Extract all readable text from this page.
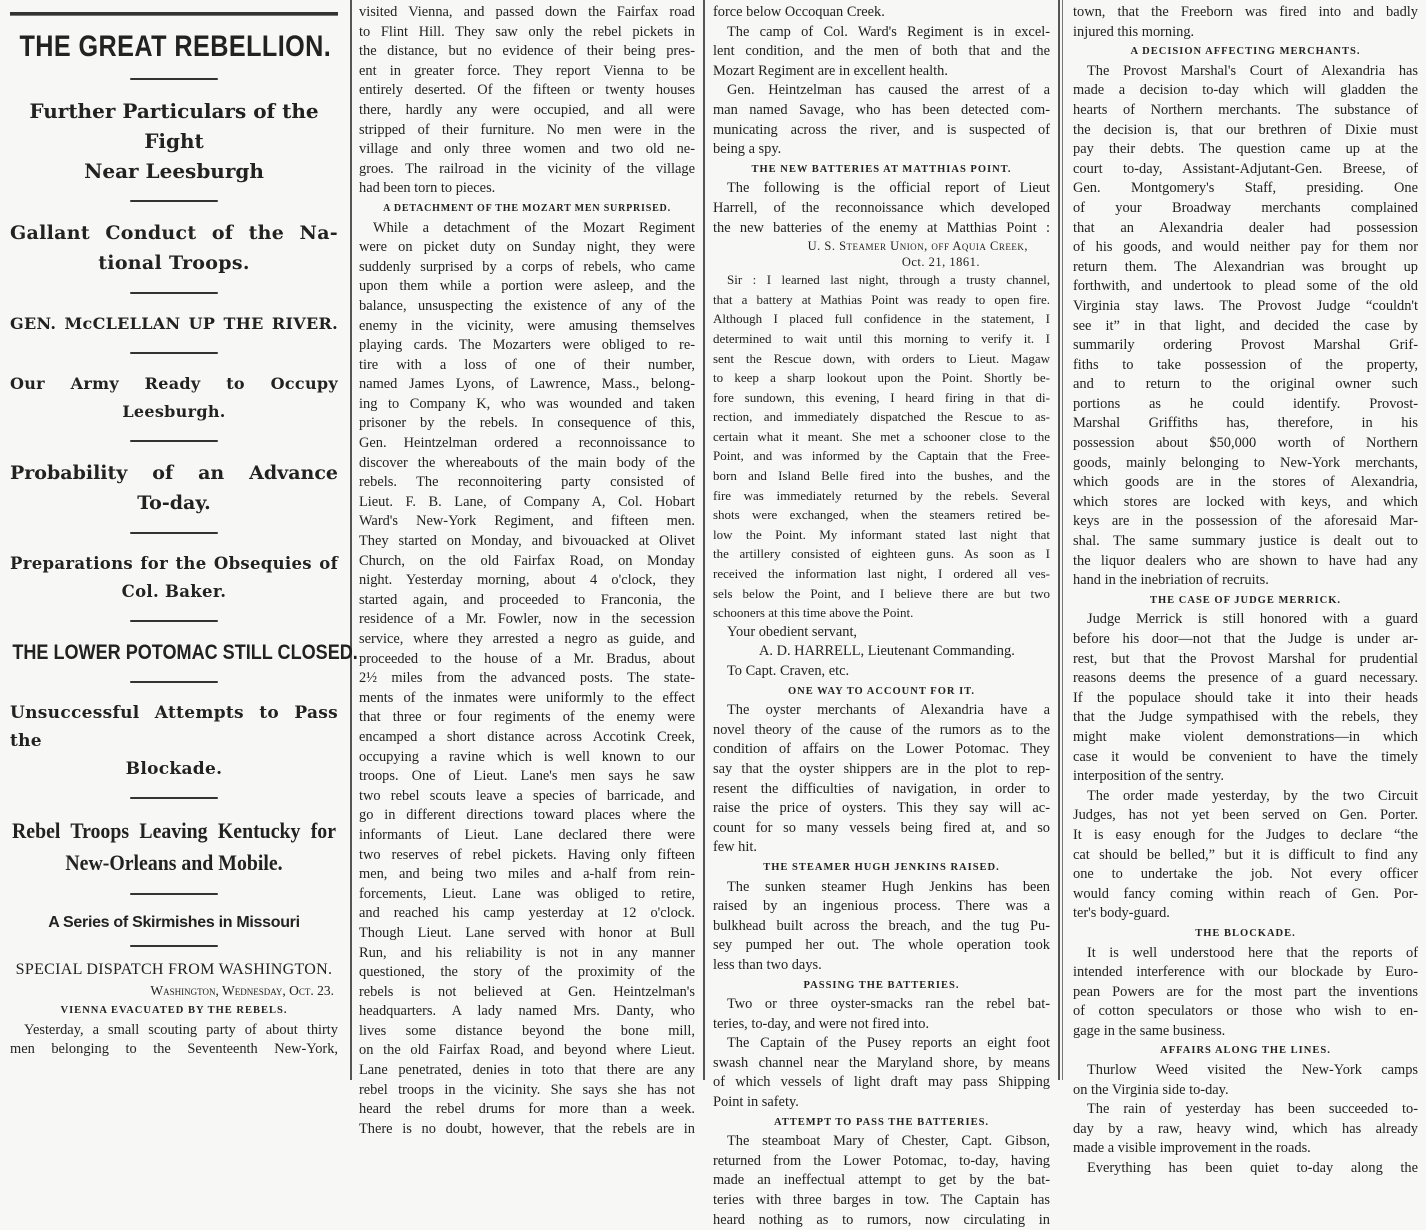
THE GREAT REBELLION.
Further Particulars of the Fight
Near Leesburgh
Gallant Conduct of the Na-
tional Troops.
GEN. McCLELLAN UP THE RIVER.
Our Army Ready to Occupy
Leesburgh.
Probability of an Advance
To-day.
Preparations for the Obsequies of
Col. Baker.
THE LOWER POTOMAC STILL CLOSED.
Unsuccessful Attempts to Pass the
Blockade.
Rebel Troops Leaving Kentucky for
New-Orleans and Mobile.
A Series of Skirmishes in Missouri
SPECIAL DISPATCH FROM WASHINGTON.
Washington, Wednesday, Oct. 23.
VIENNA EVACUATED BY THE REBELS.
Yesterday, a small scouting party of about thirty
men belonging to the Seventeenth New-York,
visited Vienna, and passed down the Fairfax road
to Flint Hill. They saw only the rebel pickets in
the distance, but no evidence of their being pres-
ent in greater force. They report Vienna to be
entirely deserted. Of the fifteen or twenty houses
there, hardly any were occupied, and all were
stripped of their furniture. No men were in the
village and only three women and two old ne-
groes. The railroad in the vicinity of the village
had been torn to pieces.
A DETACHMENT OF THE MOZART MEN SURPRISED.
While a detachment of the Mozart Regiment
were on picket duty on Sunday night, they were
suddenly surprised by a corps of rebels, who came
upon them while a portion were asleep, and the
balance, unsuspecting the existence of any of the
enemy in the vicinity, were amusing themselves
playing cards. The Mozarters were obliged to re-
tire with a loss of one of their number,
named James Lyons, of Lawrence, Mass., belong-
ing to Company K, who was wounded and taken
prisoner by the rebels. In consequence of this,
Gen. Heintzelman ordered a reconnoissance to
discover the whereabouts of the main body of the
rebels. The reconnoitering party consisted of
Lieut. F. B. Lane, of Company A, Col. Hobart
Ward's New-York Regiment, and fifteen men.
They started on Monday, and bivouacked at Olivet
Church, on the old Fairfax Road, on Monday
night. Yesterday morning, about 4 o'clock, they
started again, and proceeded to Franconia, the
residence of a Mr. Fowler, now in the secession
service, where they arrested a negro as guide, and
proceeded to the house of a Mr. Bradus, about
2½ miles from the advanced posts. The state-
ments of the inmates were uniformly to the effect
that three or four regiments of the enemy were
encamped a short distance across Accotink Creek,
occupying a ravine which is well known to our
troops. One of Lieut. Lane's men says he saw
two rebel scouts leave a species of barricade, and
go in different directions toward places where the
informants of Lieut. Lane declared there were
two reserves of rebel pickets. Having only fifteen
men, and being two miles and a-half from rein-
forcements, Lieut. Lane was obliged to retire,
and reached his camp yesterday at 12 o'clock.
Though Lieut. Lane served with honor at Bull
Run, and his reliability is not in any manner
questioned, the story of the proximity of the
rebels is not believed at Gen. Heintzelman's
headquarters. A lady named Mrs. Danty, who
lives some distance beyond the bone mill,
on the old Fairfax Road, and beyond where Lieut.
Lane penetrated, denies in toto that there are any
rebel troops in the vicinity. She says she has not
heard the rebel drums for more than a week.
There is no doubt, however, that the rebels are in
force below Occoquan Creek.
The camp of Col. Ward's Regiment is in excel-
lent condition, and the men of both that and the
Mozart Regiment are in excellent health.
Gen. Heintzelman has caused the arrest of a
man named Savage, who has been detected com-
municating across the river, and is suspected of
being a spy.
THE NEW BATTERIES AT MATTHIAS POINT.
The following is the official report of Lieut
Harrell, of the reconnoissance which developed
the new batteries of the enemy at Matthias Point :
U. S. Steamer Union, off Aquia Creek,
Oct. 21, 1861.
Sir : I learned last night, through a trusty channel,
that a battery at Mathias Point was ready to open fire.
Although I placed full confidence in the statement, I
determined to wait until this morning to verify it. I
sent the Rescue down, with orders to Lieut. Magaw
to keep a sharp lookout upon the Point. Shortly be-
fore sundown, this evening, I heard firing in that di-
rection, and immediately dispatched the Rescue to as-
certain what it meant. She met a schooner close to the
Point, and was informed by the Captain that the Free-
born and Island Belle fired into the bushes, and the
fire was immediately returned by the rebels. Several
shots were exchanged, when the steamers retired be-
low the Point. My informant stated last night that
the artillery consisted of eighteen guns. As soon as I
received the information last night, I ordered all ves-
sels below the Point, and I believe there are but two
schooners at this time above the Point.
Your obedient servant,
A. D. HARRELL, Lieutenant Commanding.
To Capt. Craven, etc.
ONE WAY TO ACCOUNT FOR IT.
The oyster merchants of Alexandria have a
novel theory of the cause of the rumors as to the
condition of affairs on the Lower Potomac. They
say that the oyster shippers are in the plot to rep-
resent the difficulties of navigation, in order to
raise the price of oysters. This they say will ac-
count for so many vessels being fired at, and so
few hit.
THE STEAMER HUGH JENKINS RAISED.
The sunken steamer Hugh Jenkins has been
raised by an ingenious process. There was a
bulkhead built across the breach, and the tug Pu-
sey pumped her out. The whole operation took
less than two days.
PASSING THE BATTERIES.
Two or three oyster-smacks ran the rebel bat-
teries, to-day, and were not fired into.
The Captain of the Pusey reports an eight foot
swash channel near the Maryland shore, by means
of which vessels of light draft may pass Shipping
Point in safety.
ATTEMPT TO PASS THE BATTERIES.
The steamboat Mary of Chester, Capt. Gibson,
returned from the Lower Potomac, to-day, having
made an ineffectual attempt to get by the bat-
teries with three barges in tow. The Captain has
heard nothing as to rumors, now circulating in
town, that the Freeborn was fired into and badly
injured this morning.
A DECISION AFFECTING MERCHANTS.
The Provost Marshal's Court of Alexandria has
made a decision to-day which will gladden the
hearts of Northern merchants. The substance of
the decision is, that our brethren of Dixie must
pay their debts. The question came up at the
court to-day, Assistant-Adjutant-Gen. Breese, of
Gen. Montgomery's Staff, presiding. One
of your Broadway merchants complained
that an Alexandria dealer had possession
of his goods, and would neither pay for them nor
return them. The Alexandrian was brought up
forthwith, and undertook to plead some of the old
Virginia stay laws. The Provost Judge “couldn't
see it” in that light, and decided the case by
summarily ordering Provost Marshal Grif-
fiths to take possession of the property,
and to return to the original owner such
portions as he could identify. Provost-
Marshal Griffiths has, therefore, in his
possession about $50,000 worth of Northern
goods, mainly belonging to New-York merchants,
which goods are in the stores of Alexandria,
which stores are locked with keys, and which
keys are in the possession of the aforesaid Mar-
shal. The same summary justice is dealt out to
the liquor dealers who are shown to have had any
hand in the inebriation of recruits.
THE CASE OF JUDGE MERRICK.
Judge Merrick is still honored with a guard
before his door—not that the Judge is under ar-
rest, but that the Provost Marshal for prudential
reasons deems the presence of a guard necessary.
If the populace should take it into their heads
that the Judge sympathised with the rebels, they
might make violent demonstrations—in which
case it would be convenient to have the timely
interposition of the sentry.
The order made yesterday, by the two Circuit
Judges, has not yet been served on Gen. Porter.
It is easy enough for the Judges to declare “the
cat should be belled,” but it is difficult to find any
one to undertake the job. Not every officer
would fancy coming within reach of Gen. Por-
ter's body-guard.
THE BLOCKADE.
It is well understood here that the reports of
intended interference with our blockade by Euro-
pean Powers are for the most part the inventions
of cotton speculators or those who wish to en-
gage in the same business.
AFFAIRS ALONG THE LINES.
Thurlow Weed visited the New-York camps
on the Virginia side to-day.
The rain of yesterday has been succeeded to-
day by a raw, heavy wind, which has already
made a visible improvement in the roads.
Everything has been quiet to-day along the
